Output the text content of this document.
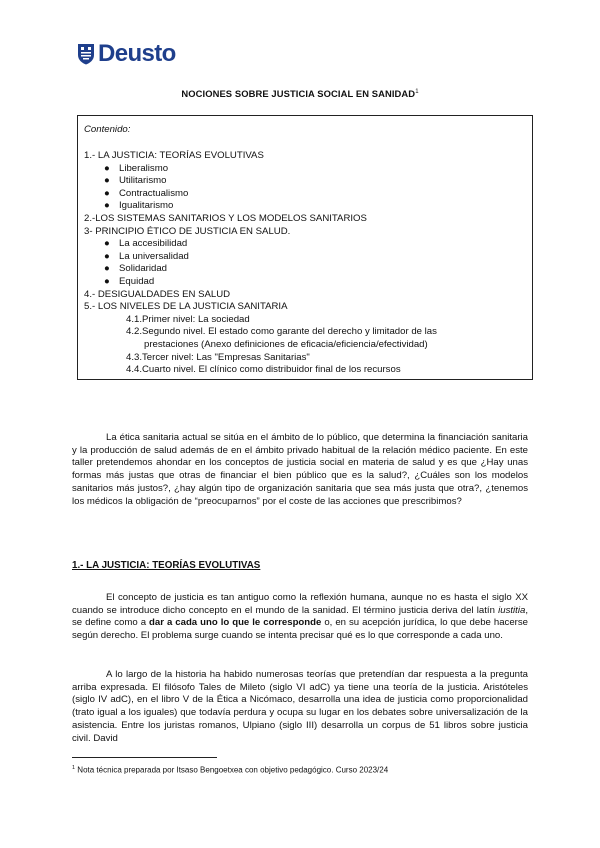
Deusto
NOCIONES SOBRE JUSTICIA SOCIAL EN SANIDAD$^1$
Contenido:
1.- LA JUSTICIA: TEORÍAS EVOLUTIVAS
● Liberalismo
● Utilitarismo
● Contractualismo
● Igualitarismo
2.-LOS SISTEMAS SANITARIOS Y LOS MODELOS SANITARIOS
3- PRINCIPIO ÉTICO DE JUSTICIA EN SALUD.
● La accesibilidad
● La universalidad
● Solidaridad
● Equidad
4.- DESIGUALDADES EN SALUD
5.- LOS NIVELES DE LA JUSTICIA SANITARIA
4.1.Primer nivel: La sociedad
4.2.Segundo nivel. El estado como garante del derecho y limitador de las
prestaciones (Anexo definiciones de eficacia/eficiencia/efectividad)
4.3.Tercer nivel: Las "Empresas Sanitarias"
4.4.Cuarto nivel. El clínico como distribuidor final de los recursos
La ética sanitaria actual se sitúa en el ámbito de lo público, que determina la financiación sanitaria y la producción de salud además de en el ámbito privado habitual de la relación médico paciente. En este taller pretendemos ahondar en los conceptos de justicia social en materia de salud y es que ¿Hay unas formas más justas que otras de financiar el bien público que es la salud?, ¿Cuáles son los modelos sanitarios más justos?, ¿hay algún tipo de organización sanitaria que sea más justa que otra?, ¿tenemos los médicos la obligación de “preocuparnos” por el coste de las acciones que prescribimos?
1.- LA JUSTICIA: TEORÍAS EVOLUTIVAS
El concepto de justicia es tan antiguo como la reflexión humana, aunque no es hasta el siglo XX cuando se introduce dicho concepto en el mundo de la sanidad. El término justicia deriva del latín iustitia, se define como a dar a cada uno lo que le corresponde o, en su acepción jurídica, lo que debe hacerse según derecho. El problema surge cuando se intenta precisar qué es lo que corresponde a cada uno.
A lo largo de la historia ha habido numerosas teorías que pretendían dar respuesta a la pregunta arriba expresada. El filósofo Tales de Mileto (siglo VI adC) ya tiene una teoría de la justicia. Aristóteles (siglo IV adC), en el libro V de la Ética a Nicómaco, desarrolla una idea de justicia como proporcionalidad (trato igual a los iguales) que todavía perdura y ocupa su lugar en los debates sobre universalización de la asistencia. Entre los juristas romanos, Ulpiano (siglo III) desarrolla un corpus de 51 libros sobre justicia civil. David
$^1$ Nota técnica preparada por Itsaso Bengoetxea con objetivo pedagógico. Curso 2023/24
